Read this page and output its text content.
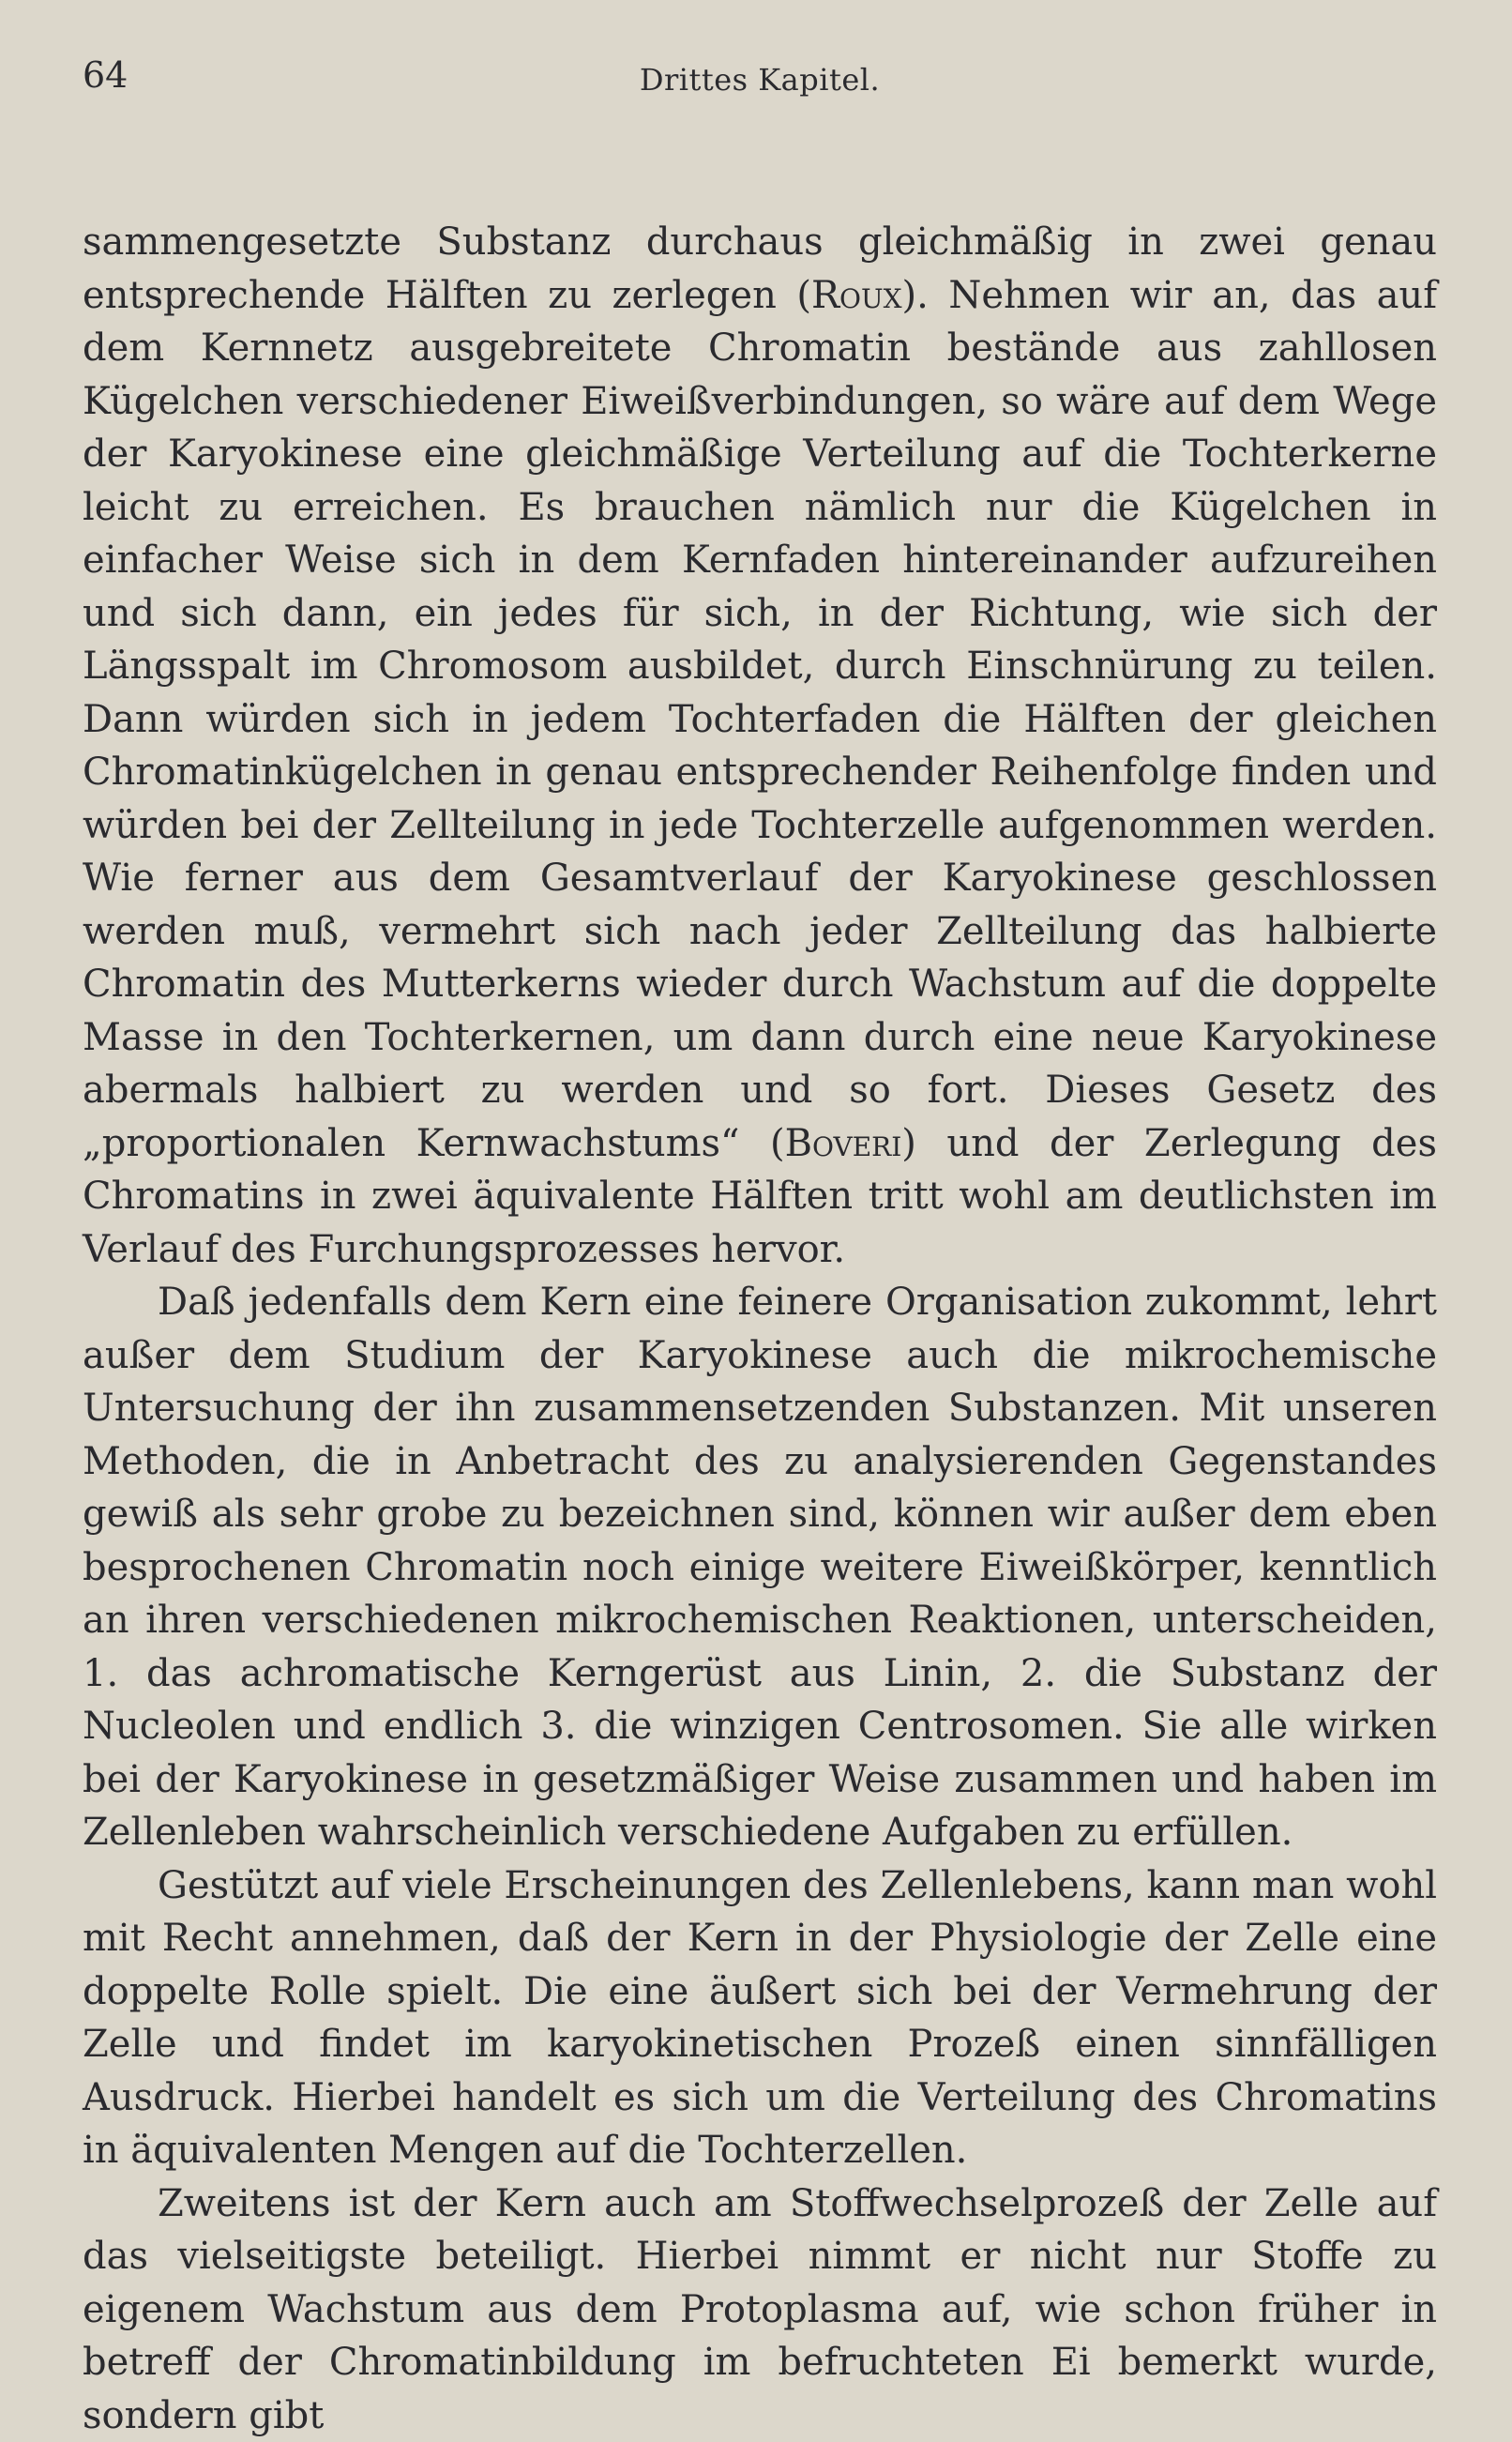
64	Drittes Kapitel.

sammengesetzte Substanz durchaus gleichmäßig in zwei genau entsprechende Hälften zu zerlegen (Roux). Nehmen wir an, das auf dem Kernnetz ausgebreitete Chromatin bestände aus zahllosen Kügelchen verschiedener Eiweißverbindungen, so wäre auf dem Wege der Karyokinese eine gleichmäßige Verteilung auf die Tochterkerne leicht zu erreichen. Es brauchen nämlich nur die Kügelchen in einfacher Weise sich in dem Kernfaden hintereinander aufzureihen und sich dann, ein jedes für sich, in der Richtung, wie sich der Längsspalt im Chromosom ausbildet, durch Einschnürung zu teilen. Dann würden sich in jedem Tochterfaden die Hälften der gleichen Chromatinkügelchen in genau entsprechender Reihenfolge finden und würden bei der Zellteilung in jede Tochterzelle aufgenommen werden. Wie ferner aus dem Gesamtverlauf der Karyokinese geschlossen werden muß, vermehrt sich nach jeder Zellteilung das halbierte Chromatin des Mutterkerns wieder durch Wachstum auf die doppelte Masse in den Tochterkernen, um dann durch eine neue Karyokinese abermals halbiert zu werden und so fort. Dieses Gesetz des „proportionalen Kernwachstums“ (Boveri) und der Zerlegung des Chromatins in zwei äquivalente Hälften tritt wohl am deutlichsten im Verlauf des Furchungsprozesses hervor.

Daß jedenfalls dem Kern eine feinere Organisation zukommt, lehrt außer dem Studium der Karyokinese auch die mikrochemische Untersuchung der ihn zusammensetzenden Substanzen. Mit unseren Methoden, die in Anbetracht des zu analysierenden Gegenstandes gewiß als sehr grobe zu bezeichnen sind, können wir außer dem eben besprochenen Chromatin noch einige weitere Eiweißkörper, kenntlich an ihren verschiedenen mikrochemischen Reaktionen, unterscheiden, 1. das achromatische Kerngerüst aus Linin, 2. die Substanz der Nucleolen und endlich 3. die winzigen Centrosomen. Sie alle wirken bei der Karyokinese in gesetzmäßiger Weise zusammen und haben im Zellenleben wahrscheinlich verschiedene Aufgaben zu erfüllen.

Gestützt auf viele Erscheinungen des Zellenlebens, kann man wohl mit Recht annehmen, daß der Kern in der Physiologie der Zelle eine doppelte Rolle spielt. Die eine äußert sich bei der Vermehrung der Zelle und findet im karyokinetischen Prozeß einen sinnfälligen Ausdruck. Hierbei handelt es sich um die Verteilung des Chromatins in äquivalenten Mengen auf die Tochterzellen.

Zweitens ist der Kern auch am Stoffwechselprozeß der Zelle auf das vielseitigste beteiligt. Hierbei nimmt er nicht nur Stoffe zu eigenem Wachstum aus dem Protoplasma auf, wie schon früher in betreff der Chromatinbildung im befruchteten Ei bemerkt wurde, sondern gibt
